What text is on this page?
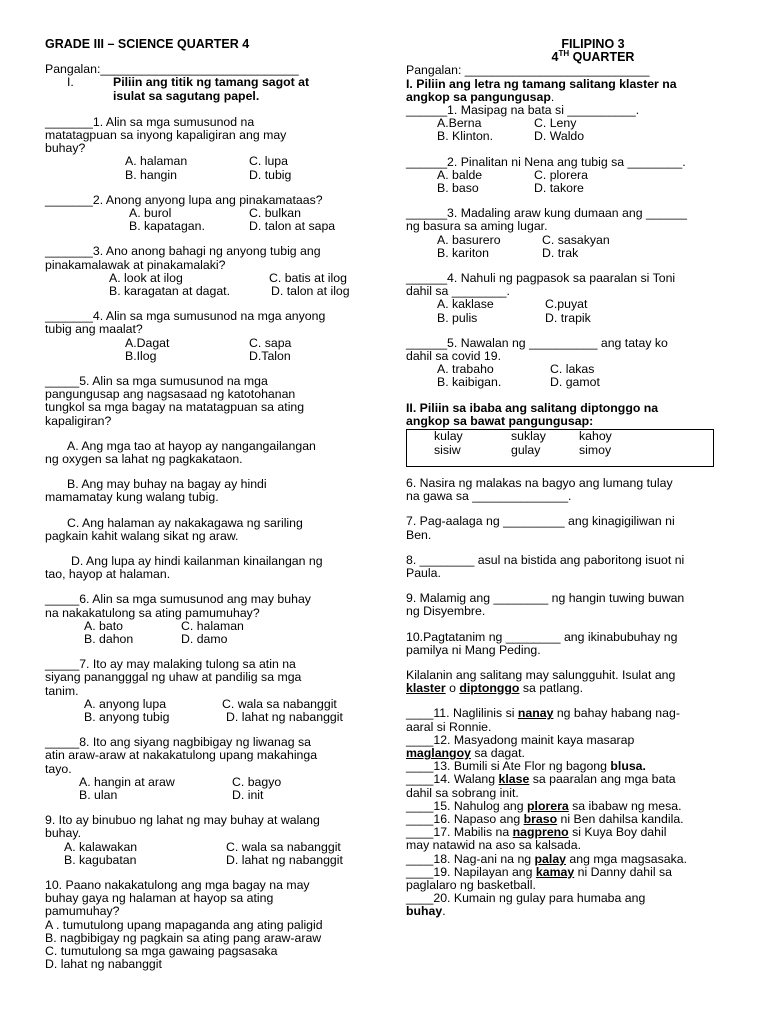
GRADE III – SCIENCE QUARTER 4
Pangalan:_____________________________
I.	Piliin ang titik ng tamang sagot at
isulat sa sagutang papel.
_______1. Alin sa mga sumusunod na
matatagpuan sa inyong kapaligiran ang may
buhay?
A. halaman	C. lupa
B. hangin	D. tubig
_______2. Anong anyong lupa ang pinakamataas?
A. burol	C. bulkan
B. kapatagan.	D. talon at sapa
_______3. Ano anong bahagi ng anyong tubig ang
pinakamalawak at pinakamalaki?
A. look at ilog	C. batis at ilog
B. karagatan at dagat.	D. talon at ilog
_______4. Alin sa mga sumusunod na mga anyong
tubig ang maalat?
A.Dagat	C. sapa
B.Ilog	D.Talon
_____5. Alin sa mga sumusunod na mga
pangungusap ang nagsasaad ng katotohanan
tungkol sa mga bagay na matatagpuan sa ating
kapaligiran?
A. Ang mga tao at hayop ay nangangailangan
ng oxygen sa lahat ng pagkakataon.
B. Ang may buhay na bagay ay hindi
mamamatay kung walang tubig.
C. Ang halaman ay nakakagawa ng sariling
pagkain kahit walang sikat ng araw.
D. Ang lupa ay hindi kailanman kinailangan ng
tao, hayop at halaman.
_____6. Alin sa mga sumusunod ang may buhay
na nakakatulong sa ating pamumuhay?
A. bato	C. halaman
B. dahon	D. damo
_____7. Ito ay may malaking tulong sa atin na
siyang panangggal ng uhaw at pandilig sa mga
tanim.
A. anyong lupa	C. wala sa nabanggit
B. anyong tubig	D. lahat ng nabanggit
_____8. Ito ang siyang nagbibigay ng liwanag sa
atin araw-araw at nakakatulong upang makahinga
tayo.
A. hangin at araw	C. bagyo
B. ulan	D. init
9. Ito ay binubuo ng lahat ng may buhay at walang
buhay.
A. kalawakan	C. wala sa nabanggit
B. kagubatan	D. lahat ng nabanggit
10. Paano nakakatulong ang mga bagay na may
buhay gaya ng halaman at hayop sa ating
pamumuhay?
A . tumutulong upang mapaganda ang ating paligid
B. nagbibigay ng pagkain sa ating pang araw-araw
C. tumutulong sa mga gawaing pagsasaka
D. lahat ng nabanggit
FILIPINO 3
4TH QUARTER
Pangalan: ___________________________
I. Piliin ang letra ng tamang salitang klaster na
angkop sa pangungusap.
______1. Masipag na bata si __________.
A.Berna	C. Leny
B. Klinton.	D. Waldo
______2. Pinalitan ni Nena ang tubig sa ________.
A. balde	C. plorera
B. baso	D. takore
______3. Madaling araw kung dumaan ang ______
ng basura sa aming lugar.
A. basurero	C. sasakyan
B. kariton	D. trak
______4. Nahuli ng pagpasok sa paaralan si Toni
dahil sa ________.
A. kaklase	C.puyat
B. pulis	D. trapik
______5. Nawalan ng __________ ang tatay ko
dahil sa covid 19.
A. trabaho	C. lakas
B. kaibigan.	D. gamot
II. Piliin sa ibaba ang salitang diptonggo na
angkop sa bawat pangungusap:
kulay	suklay	kahoy
sisiw	gulay	simoy
6. Nasira ng malakas na bagyo ang lumang tulay
na gawa sa ______________.
7. Pag-aalaga ng _________ ang kinagigiliwan ni
Ben.
8. ________ asul na bistida ang paboritong isuot ni
Paula.
9. Malamig ang ________ ng hangin tuwing buwan
ng Disyembre.
10.Pagtatanim ng ________ ang ikinabubuhay ng
pamilya ni Mang Peding.
Kilalanin ang salitang may salungguhit. Isulat ang
klaster o diptonggo sa patlang.
____11. Naglilinis si nanay ng bahay habang nag-
aaral si Ronnie.
____12. Masyadong mainit kaya masarap
maglangoy sa dagat.
____13. Bumili si Ate Flor ng bagong blusa.
____14. Walang klase sa paaralan ang mga bata
dahil sa sobrang init.
____15. Nahulog ang plorera sa ibabaw ng mesa.
____16. Napaso ang braso ni Ben dahilsa kandila.
____17. Mabilis na nagpreno si Kuya Boy dahil
may natawid na aso sa kalsada.
____18. Nag-ani na ng palay ang mga magsasaka.
____19. Napilayan ang kamay ni Danny dahil sa
paglalaro ng basketball.
____20. Kumain ng gulay para humaba ang
buhay.
